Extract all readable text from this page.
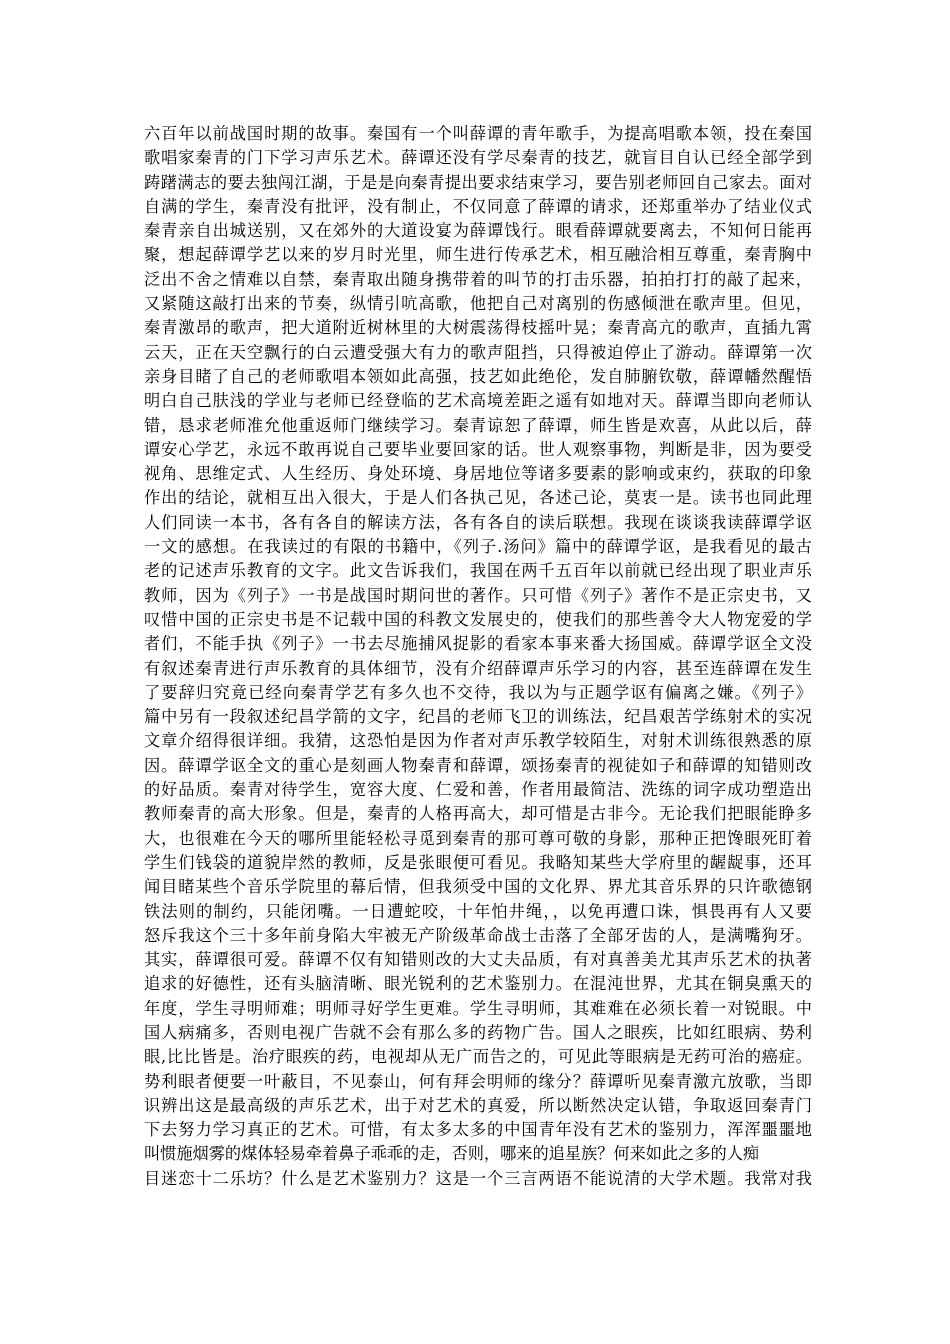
六百年以前战国时期的故事。秦国有一个叫薛谭的青年歌手，为提高唱歌本领，投在秦国
歌唱家秦青的门下学习声乐艺术。薛谭还没有学尽秦青的技艺，就盲目自认已经全部学到
踌躇满志的要去独闯江湖，于是是向秦青提出要求结束学习，要告别老师回自己家去。面对
自满的学生，秦青没有批评，没有制止，不仅同意了薛谭的请求，还郑重举办了结业仪式
秦青亲自出城送别，又在郊外的大道设宴为薛谭饯行。眼看薛谭就要离去，不知何日能再
聚，想起薛谭学艺以来的岁月时光里，师生进行传承艺术，相互融洽相互尊重，秦青胸中
泛出不舍之情难以自禁，秦青取出随身携带着的叫节的打击乐器，拍拍打打的敲了起来，
又紧随这敲打出来的节奏，纵情引吭高歌，他把自己对离别的伤感倾泄在歌声里。但见，
秦青激昂的歌声，把大道附近树林里的大树震荡得枝摇叶晃；秦青高亢的歌声，直插九霄
云天，正在天空飘行的白云遭受强大有力的歌声阻挡，只得被迫停止了游动。薛谭第一次
亲身目睹了自己的老师歌唱本领如此高强，技艺如此绝伦，发自肺腑钦敬，薛谭幡然醒悟
明白自己肤浅的学业与老师已经登临的艺术高境差距之遥有如地对天。薛谭当即向老师认
错，恳求老师准允他重返师门继续学习。秦青谅恕了薛谭，师生皆是欢喜，从此以后，薛
谭安心学艺，永远不敢再说自己要毕业要回家的话。世人观察事物，判断是非，因为要受
视角、思维定式、人生经历、身处环境、身居地位等诸多要素的影响或束约，获取的印象
作出的结论，就相互出入很大，于是人们各执己见，各述己论，莫衷一是。读书也同此理
人们同读一本书，各有各自的解读方法，各有各自的读后联想。我现在谈谈我读薛谭学讴
一文的感想。在我读过的有限的书籍中，《列子.汤问》篇中的薛谭学讴，是我看见的最古
老的记述声乐教育的文字。此文告诉我们，我国在两千五百年以前就已经出现了职业声乐
教师，因为《列子》一书是战国时期问世的著作。只可惜《列子》著作不是正宗史书，又
叹惜中国的正宗史书是不记载中国的科教文发展史的，使我们的那些善令大人物宠爱的学
者们，不能手执《列子》一书去尽施捕风捉影的看家本事来番大扬国威。薛谭学讴全文没
有叙述秦青进行声乐教育的具体细节，没有介绍薛谭声乐学习的内容，甚至连薛谭在发生
了要辞归究竟已经向秦青学艺有多久也不交待，我以为与正题学讴有偏离之嫌。《列子》
篇中另有一段叙述纪昌学箭的文字，纪昌的老师飞卫的训练法，纪昌艰苦学练射术的实况
文章介绍得很详细。我猜，这恐怕是因为作者对声乐教学较陌生，对射术训练很熟悉的原
因。薛谭学讴全文的重心是刻画人物秦青和薛谭，颂扬秦青的视徒如子和薛谭的知错则改
的好品质。秦青对待学生，宽容大度、仁爱和善，作者用最简洁、洗练的词字成功塑造出
教师秦青的高大形象。但是，秦青的人格再高大，却可惜是古非今。无论我们把眼能睁多
大，也很难在今天的哪所里能轻松寻觅到秦青的那可尊可敬的身影，那种正把馋眼死盯着
学生们钱袋的道貌岸然的教师，反是张眼便可看见。我略知某些大学府里的龌龊事，还耳
闻目睹某些个音乐学院里的幕后情，但我须受中国的文化界、界尤其音乐界的只许歌德钢
铁法则的制约，只能闭嘴。一日遭蛇咬，十年怕井绳，，以免再遭口诛，惧畏再有人又要
怒斥我这个三十多年前身陷大牢被无产阶级革命战士击落了全部牙齿的人，是满嘴狗牙。
其实，薛谭很可爱。薛谭不仅有知错则改的大丈夫品质，有对真善美尤其声乐艺术的执著
追求的好德性，还有头脑清晰、眼光锐利的艺术鉴别力。在混沌世界，尤其在铜臭熏天的
年度，学生寻明师难；明师寻好学生更难。学生寻明师，其难难在必须长着一对锐眼。中
国人病痛多，否则电视广告就不会有那么多的药物广告。国人之眼疾，比如红眼病、势利
眼,比比皆是。治疗眼疾的药，电视却从无广而告之的，可见此等眼病是无药可治的癌症。
势利眼者便要一叶蔽目，不见泰山，何有拜会明师的缘分？薛谭听见秦青激亢放歌，当即
识辨出这是最高级的声乐艺术，出于对艺术的真爱，所以断然决定认错，争取返回秦青门
下去努力学习真正的艺术。可惜，有太多太多的中国青年没有艺术的鉴别力，浑浑噩噩地
叫惯施烟雾的煤体轻易牵着鼻子乖乖的走，否则，哪来的追星族？何来如此之多的人痴
目迷恋十二乐坊？什么是艺术鉴别力？这是一个三言两语不能说清的大学术题。我常对我
